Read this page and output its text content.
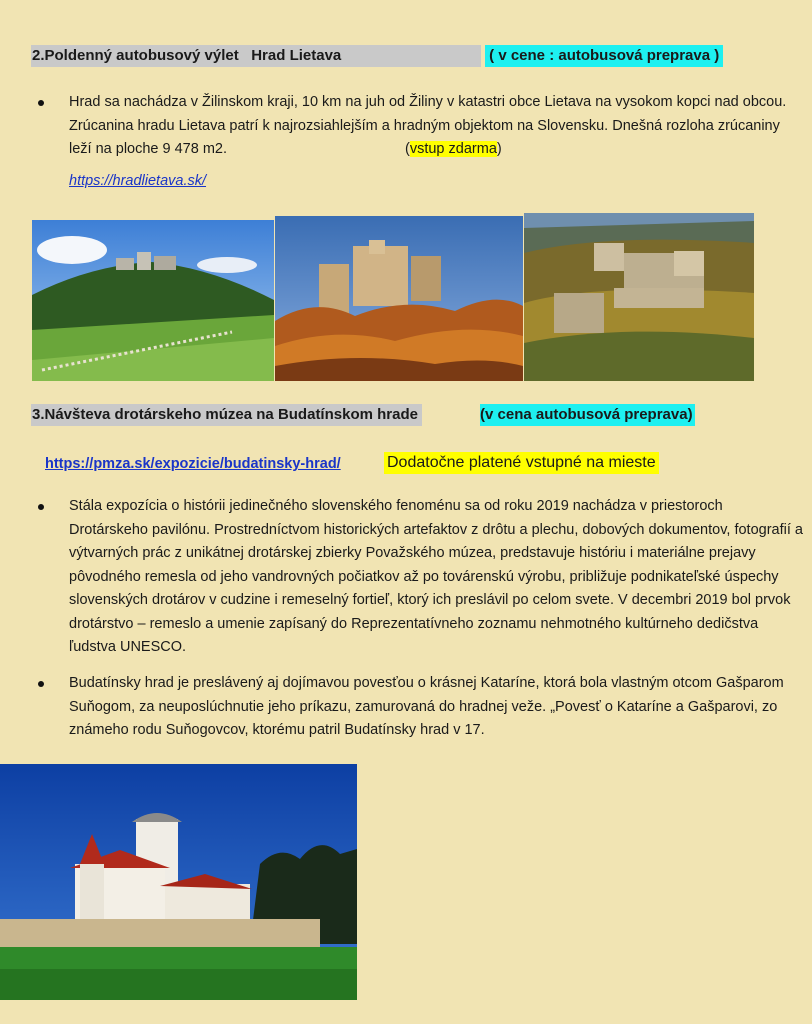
2.Poldenný autobusový výlet   Hrad Lietava	( v cene : autobusová preprava )
Hrad sa nachádza v Žilinskom kraji, 10 km na juh od Žiliny v katastri obce Lietava na vysokom kopci nad obcou. Zrúcanina hradu Lietava patrí k najrozsiahlejším a hradným objektom na Slovensku. Dnešná rozloha zrúcaniny leží na ploche 9 478 m2.	(vstup zdarma)
https://hradlietava.sk/
3.Návšteva drotárskeho múzea na Budatínskom hrade	(v cena autobusová preprava)
https://pmza.sk/expozicie/budatinsky-hrad/	Dodatočne platené vstupné na mieste
Stála expozícia o histórii jedinečného slovenského fenoménu sa od roku 2019 nachádza v priestoroch Drotárskeho pavilónu. Prostredníctvom historických artefaktov z drôtu a plechu, dobových dokumentov, fotografií a výtvarných prác z unikátnej drotárskej zbierky Považského múzea, predstavuje históriu i materiálne prejavy pôvodného remesla od jeho vandrovných počiatkov až po továrenskú výrobu, približuje podnikateľské úspechy slovenských drotárov v cudzine i remeselný fortieľ, ktorý ich preslávil po celom svete. V decembri 2019 bol prvok drotárstvo – remeslo a umenie zapísaný do Reprezentatívneho zoznamu nehmotného kultúrneho dedičstva ľudstva UNESCO.
Budatínsky hrad je preslávený aj dojímavou povesťou o krásnej Kataríne, ktorá bola vlastným otcom Gašparom Suňogom, za neuposlúchnutie jeho príkazu, zamurovaná do hradnej veže. „Povesť o Kataríne a Gašparovi, zo známeho rodu Suňogovcov, ktorému patril Budatínsky hrad v 17.
